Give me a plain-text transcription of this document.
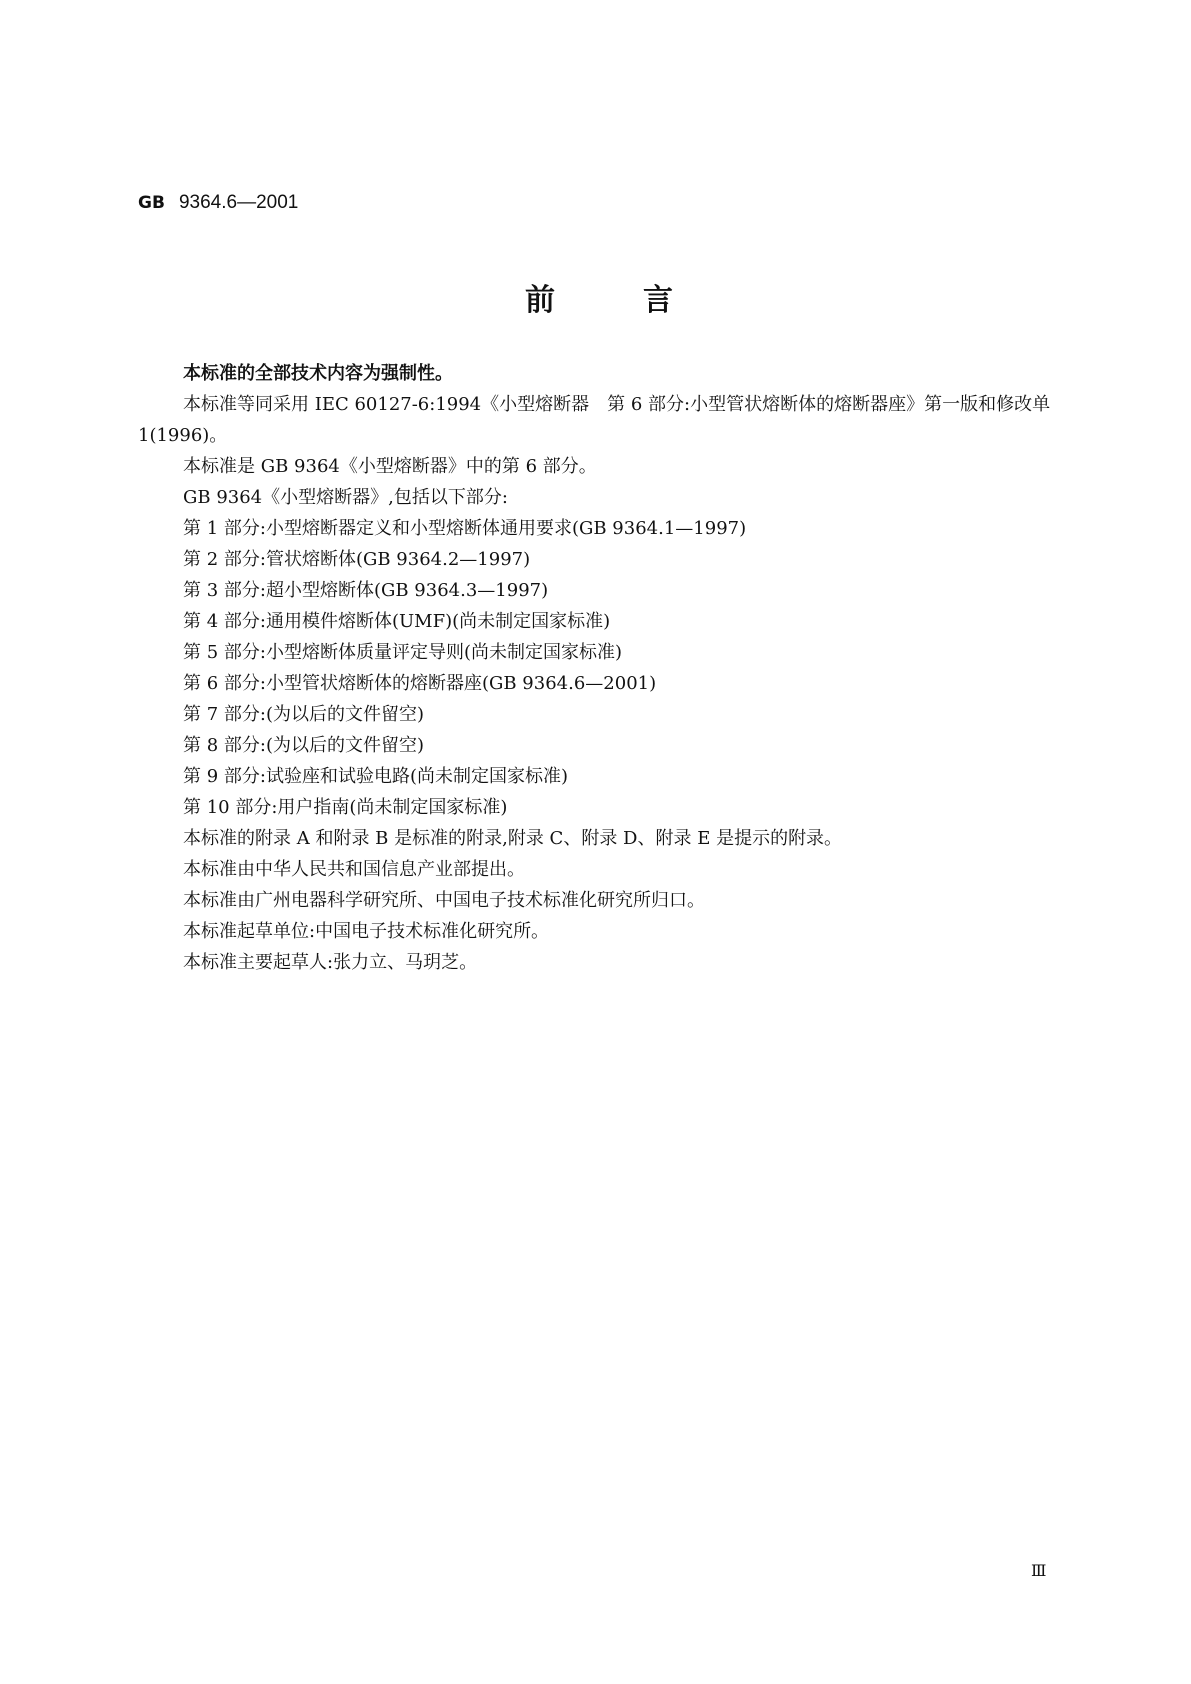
GB 9364.6—2001
前	言

本标准的全部技术内容为强制性。

本标准等同采用 IEC 60127-6:1994《小型熔断器　第 6 部分:小型管状熔断体的熔断器座》第一版和修改单 1(1996)。

本标准是 GB 9364《小型熔断器》中的第 6 部分。

GB 9364《小型熔断器》,包括以下部分:

第 1 部分:小型熔断器定义和小型熔断体通用要求(GB 9364.1—1997)

第 2 部分:管状熔断体(GB 9364.2—1997)

第 3 部分:超小型熔断体(GB 9364.3—1997)

第 4 部分:通用模件熔断体(UMF)(尚未制定国家标准)

第 5 部分:小型熔断体质量评定导则(尚未制定国家标准)

第 6 部分:小型管状熔断体的熔断器座(GB 9364.6—2001)

第 7 部分:(为以后的文件留空)

第 8 部分:(为以后的文件留空)

第 9 部分:试验座和试验电路(尚未制定国家标准)

第 10 部分:用户指南(尚未制定国家标准)

本标准的附录 A 和附录 B 是标准的附录,附录 C、附录 D、附录 E 是提示的附录。

本标准由中华人民共和国信息产业部提出。

本标准由广州电器科学研究所、中国电子技术标准化研究所归口。

本标准起草单位:中国电子技术标准化研究所。

本标准主要起草人:张力立、马玥芝。

Ⅲ
